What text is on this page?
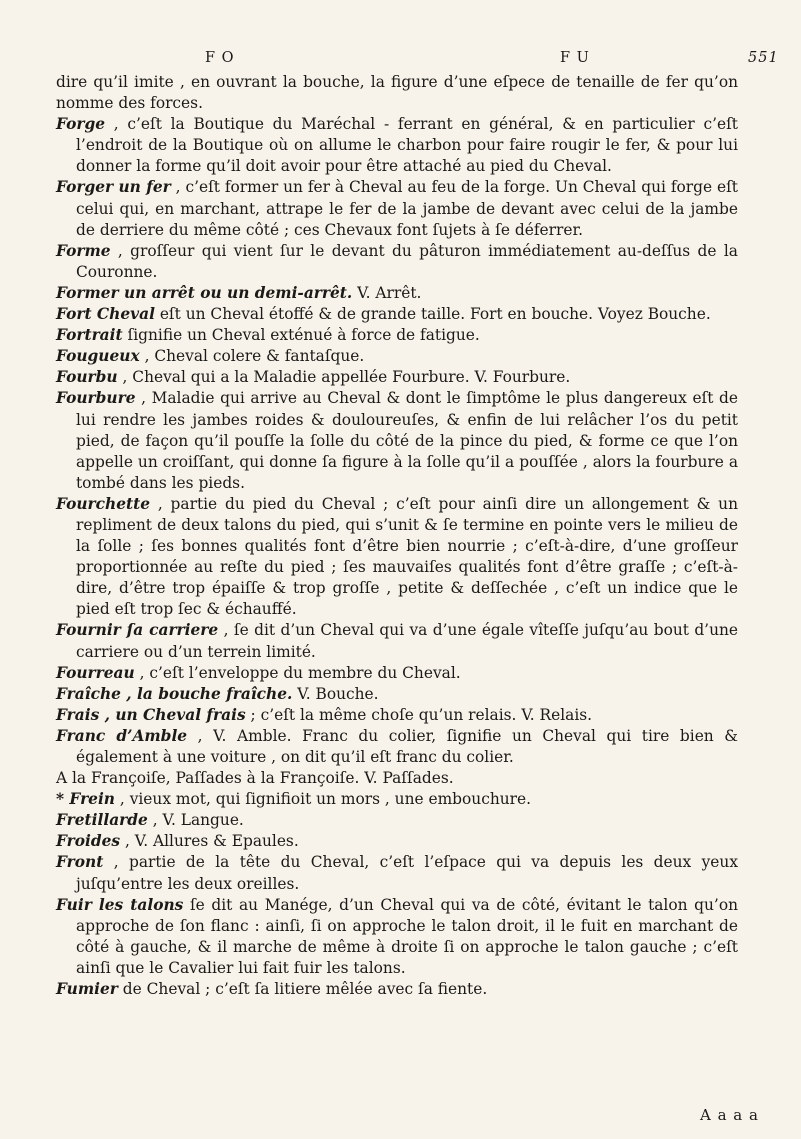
F O	F U	551

dire qu’il imite , en ouvrant la bouche, la figure d’une eſpece de tenaille de fer qu’on nomme des forces.

Forge , c’eſt la Boutique du Maréchal - ferrant en général, & en particulier c’eſt l’endroit de la Boutique où on allume le charbon pour faire rougir le fer, & pour lui donner la forme qu’il doit avoir pour être attaché au pied du Cheval.

Forger un fer , c’eſt former un fer à Cheval au feu de la forge. Un Cheval qui forge eſt celui qui, en marchant, attrape le fer de la jambe de devant avec celui de la jambe de derriere du même côté ; ces Chevaux font ſujets à ſe déferrer.

Forme , groſſeur qui vient ſur le devant du pâturon immédiatement au-deſſus de la Couronne.

Former un arrêt ou un demi-arrêt. V. Arrêt.

Fort Cheval eſt un Cheval étoffé & de grande taille. Fort en bouche. Voyez Bouche.

Fortrait ſignifie un Cheval exténué à force de fatigue.

Fougueux , Cheval colere & fantaſque.

Fourbu , Cheval qui a la Maladie appellée Fourbure. V. Fourbure.

Fourbure , Maladie qui arrive au Cheval & dont le ſimptôme le plus dangereux eſt de lui rendre les jambes roides & douloureuſes, & enfin de lui relâcher l’os du petit pied, de façon qu’il pouſſe la ſolle du côté de la pince du pied, & forme ce que l’on appelle un croiſſant, qui donne ſa figure à la ſolle qu’il a pouſſée , alors la fourbure a tombé dans les pieds.

Fourchette , partie du pied du Cheval ; c’eſt pour ainſi dire un allongement & un repliment de deux talons du pied, qui s’unit & ſe termine en pointe vers le milieu de la ſolle ; ſes bonnes qualités font d’être bien nourrie ; c’eſt-à-dire, d’une groſſeur proportionnée au reſte du pied ; ſes mauvaiſes qualités font d’être graſſe ; c’eſt-à-dire, d’être trop épaiſſe & trop groſſe , petite & deſſechée , c’eſt un indice que le pied eſt trop ſec & échauffé.

Fournir ſa carriere , ſe dit d’un Cheval qui va d’une égale vîteſſe juſqu’au bout d’une carriere ou d’un terrein limité.

Fourreau , c’eſt l’enveloppe du membre du Cheval.

Fraîche , la bouche fraîche. V. Bouche.

Frais , un Cheval frais ; c’eſt la même choſe qu’un relais. V. Relais.

Franc d’Amble , V. Amble. Franc du colier, ſignifie un Cheval qui tire bien & également à une voiture , on dit qu’il eſt franc du colier.

A la Françoiſe, Paſſades à la Françoiſe. V. Paſſades.

* Frein , vieux mot, qui ſignifioit un mors , une embouchure.

Fretillarde , V. Langue.

Froides , V. Allures & Epaules.

Front , partie de la tête du Cheval, c’eſt l’eſpace qui va depuis les deux yeux juſqu’entre les deux oreilles.

Fuir les talons ſe dit au Manége, d’un Cheval qui va de côté, évitant le talon qu’on approche de ſon flanc : ainſi, ſi on approche le talon droit, il le fuit en marchant de côté à gauche, & il marche de même à droite ſi on approche le talon gauche ; c’eſt ainſi que le Cavalier lui fait fuir les talons.

Fumier de Cheval ; c’eſt ſa litiere mêlée avec ſa fiente.

A a a a
